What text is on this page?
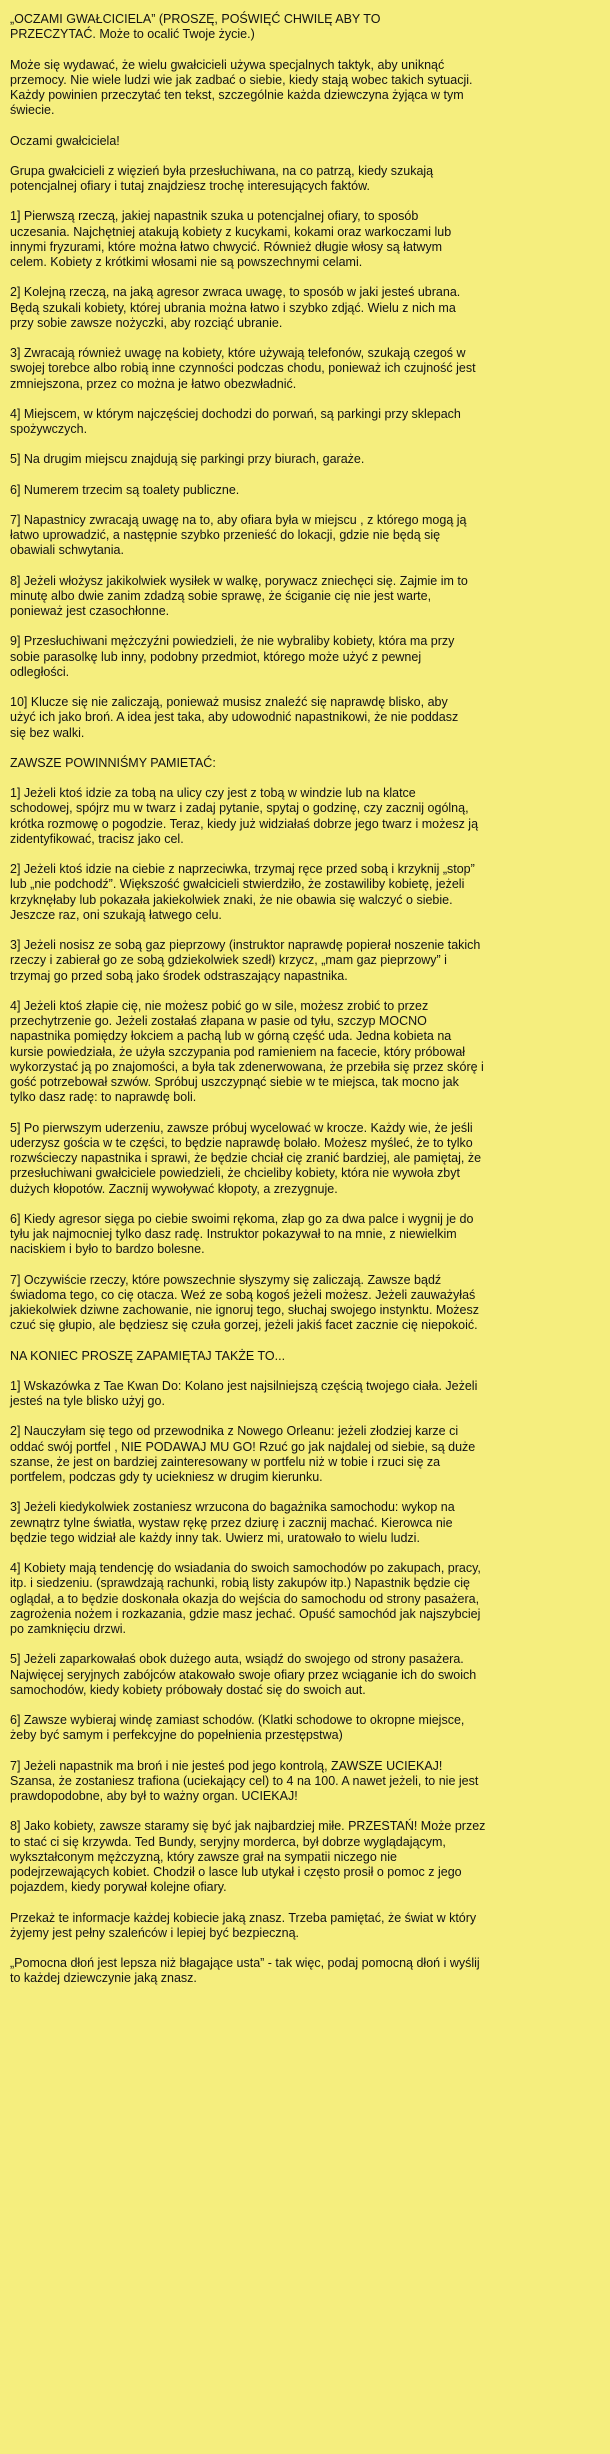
„OCZAMI GWAŁCICIELA” (PROSZĘ, POŚWIĘĆ CHWILĘ ABY TO
PRZECZYTAĆ. Może to ocalić Twoje życie.)

Może się wydawać, że wielu gwałcicieli używa specjalnych taktyk, aby uniknąć
przemocy. Nie wiele ludzi wie jak zadbać o siebie, kiedy stają wobec takich sytuacji.
Każdy powinien przeczytać ten tekst, szczególnie każda dziewczyna żyjąca w tym
świecie.

Oczami gwałciciela!

Grupa gwałcicieli z więzień była przesłuchiwana, na co patrzą, kiedy szukają
potencjalnej ofiary i tutaj znajdziesz trochę interesujących faktów.

1] Pierwszą rzeczą, jakiej napastnik szuka u potencjalnej ofiary, to sposób
uczesania. Najchętniej atakują kobiety z kucykami, kokami oraz warkoczami lub
innymi fryzurami, które można łatwo chwycić. Również długie włosy są łatwym
celem. Kobiety z krótkimi włosami nie są powszechnymi celami.

2] Kolejną rzeczą, na jaką agresor zwraca uwagę, to sposób w jaki jesteś ubrana.
Będą szukali kobiety, której ubrania można łatwo i szybko zdjąć. Wielu z nich ma
przy sobie zawsze nożyczki, aby rozciąć ubranie.

3] Zwracają również uwagę na kobiety, które używają telefonów, szukają czegoś w
swojej torebce albo robią inne czynności podczas chodu, ponieważ ich czujność jest
zmniejszona, przez co można je łatwo obezwładnić.

4] Miejscem, w którym najczęściej dochodzi do porwań, są parkingi przy sklepach
spożywczych.

5] Na drugim miejscu znajdują się parkingi przy biurach, garaże.

6] Numerem trzecim są toalety publiczne.

7] Napastnicy zwracają uwagę na to, aby ofiara była w miejscu , z którego mogą ją
łatwo uprowadzić, a następnie szybko przenieść do lokacji, gdzie nie będą się
obawiali schwytania.

8] Jeżeli włożysz jakikolwiek wysiłek w walkę, porywacz zniechęci się. Zajmie im to
minutę albo dwie zanim zdadzą sobie sprawę, że ściganie cię nie jest warte,
ponieważ jest czasochłonne.

9] Przesłuchiwani mężczyźni powiedzieli, że nie wybraliby kobiety, która ma przy
sobie parasolkę lub inny, podobny przedmiot, którego może użyć z pewnej
odległości.

10] Klucze się nie zaliczają, ponieważ musisz znaleźć się naprawdę blisko, aby
użyć ich jako broń. A idea jest taka, aby udowodnić napastnikowi, że nie poddasz
się bez walki.

ZAWSZE POWINNIŚMY PAMIETAĆ:

1] Jeżeli ktoś idzie za tobą na ulicy czy jest z tobą w windzie lub na klatce
schodowej, spójrz mu w twarz i zadaj pytanie, spytaj o godzinę, czy zacznij ogólną,
krótka rozmowę o pogodzie. Teraz, kiedy już widziałaś dobrze jego twarz i możesz ją
zidentyfikować, tracisz jako cel.

2] Jeżeli ktoś idzie na ciebie z naprzeciwka, trzymaj ręce przed sobą i krzyknij „stop”
lub „nie podchodź”. Większość gwałcicieli stwierdziło, że zostawiliby kobietę, jeżeli
krzyknęłaby lub pokazała jakiekolwiek znaki, że nie obawia się walczyć o siebie.
Jeszcze raz, oni szukają łatwego celu.

3] Jeżeli nosisz ze sobą gaz pieprzowy (instruktor naprawdę popierał noszenie takich
rzeczy i zabierał go ze sobą gdziekolwiek szedł) krzycz, „mam gaz pieprzowy” i
trzymaj go przed sobą jako środek odstraszający napastnika.

4] Jeżeli ktoś złapie cię, nie możesz pobić go w sile, możesz zrobić to przez
przechytrzenie go. Jeżeli zostałaś złapana w pasie od tyłu, szczyp MOCNO
napastnika pomiędzy łokciem a pachą lub w górną część uda. Jedna kobieta na
kursie powiedziała, że użyła szczypania pod ramieniem na facecie, który próbował
wykorzystać ją po znajomości, a była tak zdenerwowana, że przebiła się przez skórę i
gość potrzebował szwów. Spróbuj uszczypnąć siebie w te miejsca, tak mocno jak
tylko dasz radę: to naprawdę boli.

5] Po pierwszym uderzeniu, zawsze próbuj wycelować w krocze. Każdy wie, że jeśli
uderzysz gościa w te części, to będzie naprawdę bolało. Możesz myśleć, że to tylko
rozwścieczy napastnika i sprawi, że będzie chciał cię zranić bardziej, ale pamiętaj, że
przesłuchiwani gwałciciele powiedzieli, że chcieliby kobiety, która nie wywoła zbyt
dużych kłopotów. Zacznij wywoływać kłopoty, a zrezygnuje.

6] Kiedy agresor sięga po ciebie swoimi rękoma, złap go za dwa palce i wygnij je do
tyłu jak najmocniej tylko dasz radę. Instruktor pokazywał to na mnie, z niewielkim
naciskiem i było to bardzo bolesne.

7] Oczywiście rzeczy, które powszechnie słyszymy się zaliczają. Zawsze bądź
świadoma tego, co cię otacza. Weź ze sobą kogoś jeżeli możesz. Jeżeli zauważyłaś
jakiekolwiek dziwne zachowanie, nie ignoruj tego, słuchaj swojego instynktu. Możesz
czuć się głupio, ale będziesz się czuła gorzej, jeżeli jakiś facet zacznie cię niepokoić.

NA KONIEC PROSZĘ ZAPAMIĘTAJ TAKŻE TO...

1] Wskazówka z Tae Kwan Do: Kolano jest najsilniejszą częścią twojego ciała. Jeżeli
jesteś na tyle blisko użyj go.

2] Nauczyłam się tego od przewodnika z Nowego Orleanu: jeżeli złodziej karze ci
oddać swój portfel , NIE PODAWAJ MU GO! Rzuć go jak najdalej od siebie, są duże
szanse, że jest on bardziej zainteresowany w portfelu niż w tobie i rzuci się za
portfelem, podczas gdy ty uciekniesz w drugim kierunku.

3] Jeżeli kiedykolwiek zostaniesz wrzucona do bagażnika samochodu: wykop na
zewnątrz tylne światła, wystaw rękę przez dziurę i zacznij machać. Kierowca nie
będzie tego widział ale każdy inny tak. Uwierz mi, uratowało to wielu ludzi.

4] Kobiety mają tendencję do wsiadania do swoich samochodów po zakupach, pracy,
itp. i siedzeniu. (sprawdzają rachunki, robią listy zakupów itp.) Napastnik będzie cię
oglądał, a to będzie doskonała okazja do wejścia do samochodu od strony pasażera,
zagrożenia nożem i rozkazania, gdzie masz jechać. Opuść samochód jak najszybciej
po zamknięciu drzwi.

5] Jeżeli zaparkowałaś obok dużego auta, wsiądź do swojego od strony pasażera.
Najwięcej seryjnych zabójców atakowało swoje ofiary przez wciąganie ich do swoich
samochodów, kiedy kobiety próbowały dostać się do swoich aut.

6] Zawsze wybieraj windę zamiast schodów. (Klatki schodowe to okropne miejsce,
żeby być samym i perfekcyjne do popełnienia przestępstwa)

7] Jeżeli napastnik ma broń i nie jesteś pod jego kontrolą, ZAWSZE UCIEKAJ!
Szansa, że zostaniesz trafiona (uciekający cel) to 4 na 100. A nawet jeżeli, to nie jest
prawdopodobne, aby był to ważny organ. UCIEKAJ!

8] Jako kobiety, zawsze staramy się być jak najbardziej miłe. PRZESTAŃ! Może przez
to stać ci się krzywda. Ted Bundy, seryjny morderca, był dobrze wyglądającym,
wykształconym mężczyzną, który zawsze grał na sympatii niczego nie
podejrzewających kobiet. Chodził o lasce lub utykał i często prosił o pomoc z jego
pojazdem, kiedy porywał kolejne ofiary.

Przekaż te informacje każdej kobiecie jaką znasz. Trzeba pamiętać, że świat w który
żyjemy jest pełny szaleńców i lepiej być bezpieczną.

„Pomocna dłoń jest lepsza niż błagające usta” - tak więc, podaj pomocną dłoń i wyślij
to każdej dziewczynie jaką znasz.
